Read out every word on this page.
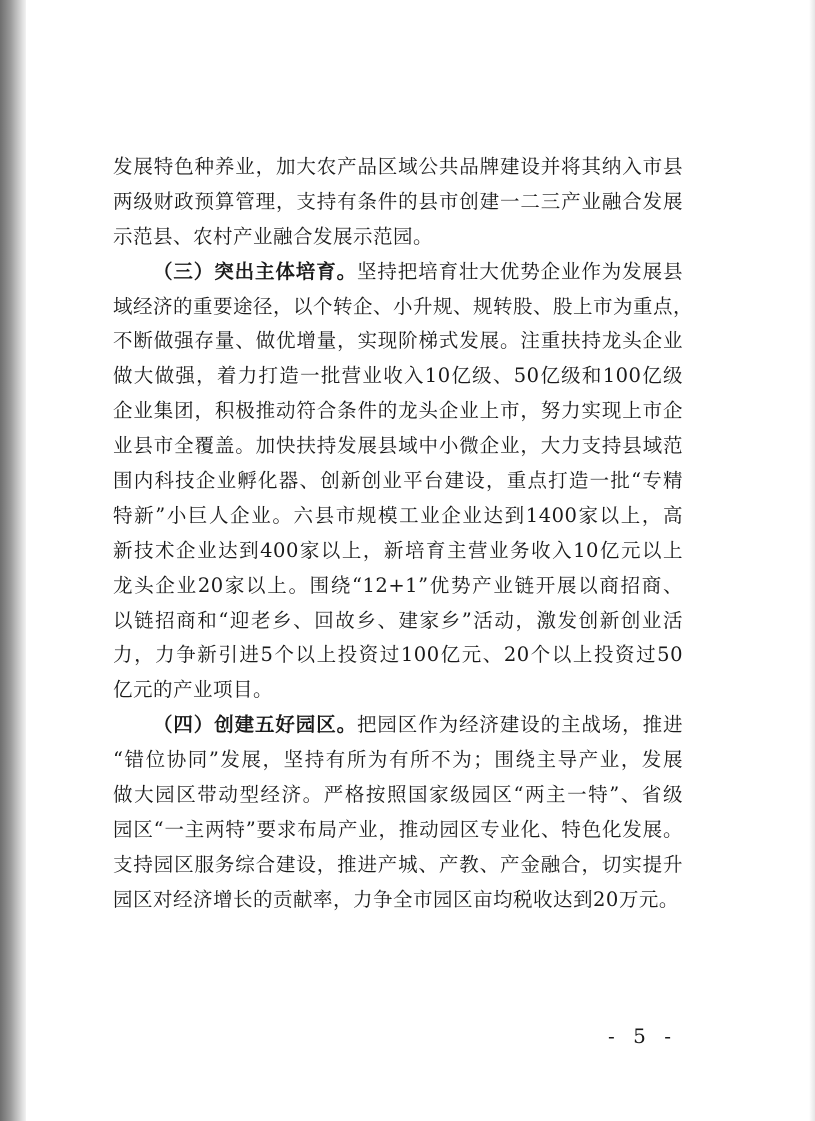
发展特色种养业，加大农产品区域公共品牌建设并将其纳入市县
两级财政预算管理，支持有条件的县市创建一二三产业融合发展
示范县、农村产业融合发展示范园。
（三）突出主体培育。坚持把培育壮大优势企业作为发展县
域经济的重要途径，以个转企、小升规、规转股、股上市为重点，
不断做强存量、做优增量，实现阶梯式发展。注重扶持龙头企业
做大做强，着力打造一批营业收入10亿级、50亿级和100亿级
企业集团，积极推动符合条件的龙头企业上市，努力实现上市企
业县市全覆盖。加快扶持发展县域中小微企业，大力支持县域范
围内科技企业孵化器、创新创业平台建设，重点打造一批“专精
特新”小巨人企业。六县市规模工业企业达到1400家以上，高
新技术企业达到400家以上，新培育主营业务收入10亿元以上
龙头企业20家以上。围绕“12+1”优势产业链开展以商招商、
以链招商和“迎老乡、回故乡、建家乡”活动，激发创新创业活
力，力争新引进5个以上投资过100亿元、20个以上投资过50
亿元的产业项目。
（四）创建五好园区。把园区作为经济建设的主战场，推进
“错位协同”发展，坚持有所为有所不为；围绕主导产业，发展
做大园区带动型经济。严格按照国家级园区“两主一特”、省级
园区“一主两特”要求布局产业，推动园区专业化、特色化发展。
支持园区服务综合建设，推进产城、产教、产金融合，切实提升
园区对经济增长的贡献率，力争全市园区亩均税收达到20万元。
- 5 -
